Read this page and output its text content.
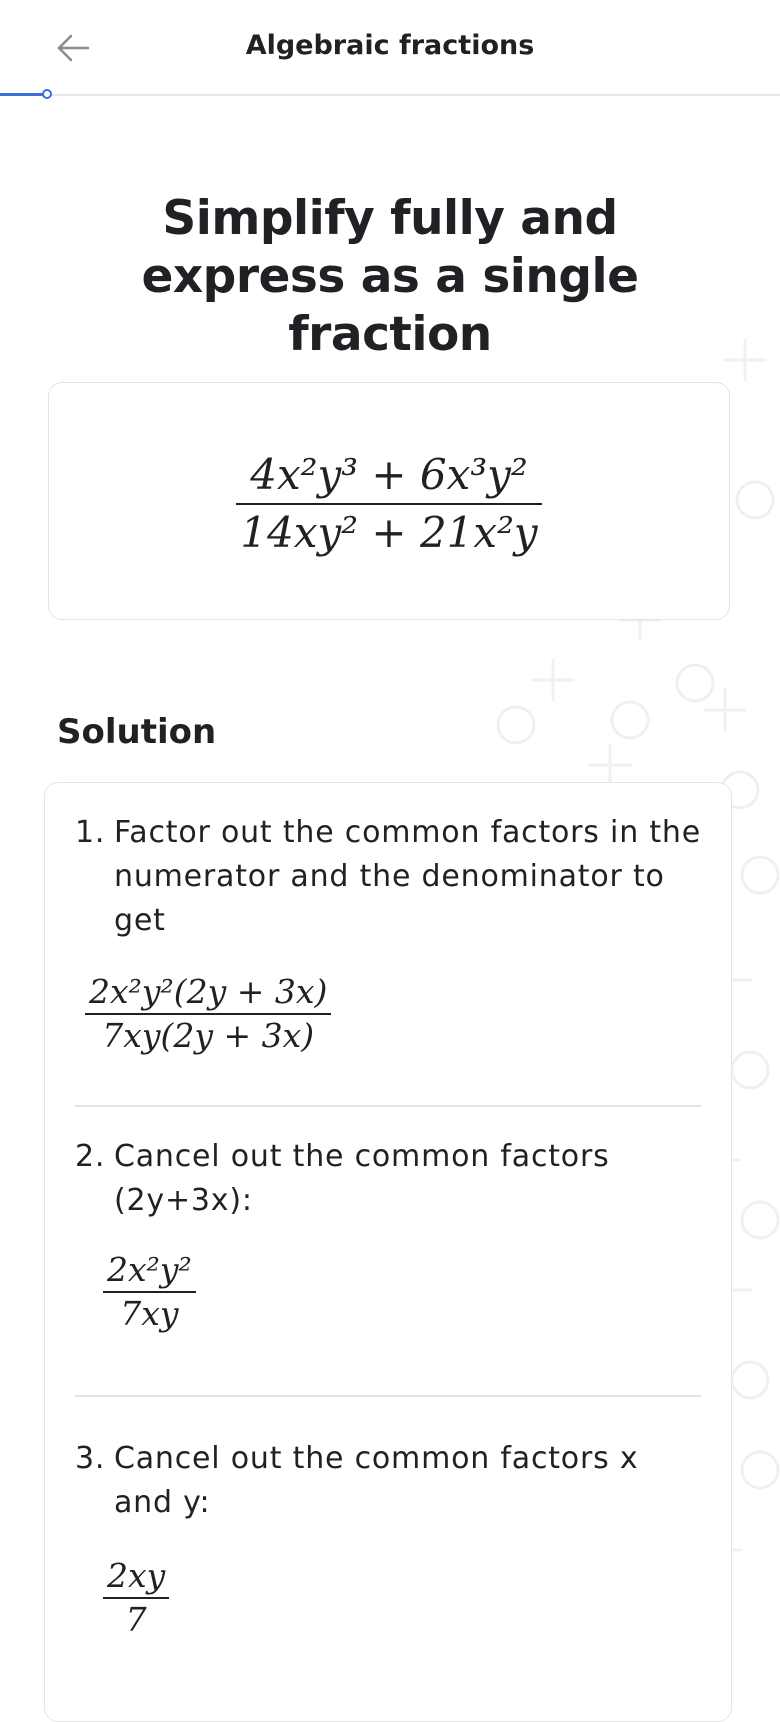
Algebraic fractions
Simplify fully and
express as a single fraction
$\frac{\text{4x²y³ + 6x³y²}}{\text{14xy² + 21x²y}}$
Solution
1. Factor out the common factors in the numerator and the denominator to get
$\frac{\text{2x²y²(2y + 3x)}}{7xy(2y + 3x)}$
2. Cancel out the common factors (2y+3x):
$\frac{\text{2x²y²}}{7xy}$
3. Cancel out the common factors x and y:
$\frac{2xy}{7}$
